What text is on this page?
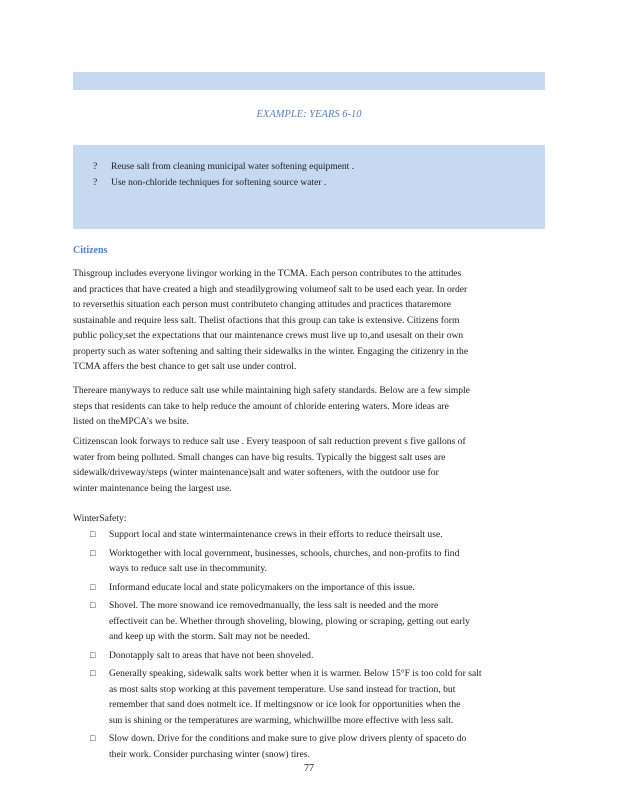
EXAMPLE: YEARS 6-10
? Reuse salt from cleaning municipal water softening equipment .
? Use non-chloride techniques for softening source water .
Citizens
Thisgroup includes everyone livingor working in the TCMA. Each person contributes to the attitudes
and practices that have created a high and steadilygrowing volumeof salt to be used each year. In order
to reversethis situation each person must contributeto changing attitudes and practices thataremore
sustainable and require less salt. Thelist ofactions that this group can take is extensive. Citizens form
public policy,set the expectations that our maintenance crews must live up to,and usesalt on their own
property such as water softening and salting their sidewalks in the winter. Engaging the citizenry in the
TCMA affers the best chance to get salt use under control.
Thereare manyways to reduce salt use while maintaining high safety standards. Below are a few simple
steps that residents can take to help reduce the amount of chloride entering waters. More ideas are
listed on theMPCA's we bsite.
Citizenscan look forways to reduce salt use . Every teaspoon of salt reduction prevent s five gallons of
water from being polluted. Small changes can have big results. Typically the biggest salt uses are
sidewalk/driveway/steps (winter maintenance)salt and water softeners, with the outdoor use for
winter maintenance being the largest use.
WinterSafety:
□ Support local and state wintermaintenance crews in their efforts to reduce theirsalt use.
□ Worktogether with local government, businesses, schools, churches, and non-profits to find
ways to reduce salt use in thecommunity.
□ Informand educate local and state policymakers on the importance of this issue.
□ Shovel. The more snowand ice removedmanually, the less salt is needed and the more
effectiveit can be. Whether through shoveling, blowing, plowing or scraping, getting out early
and keep up with the storm. Salt may not be needed.
□ Donotapply salt to areas that have not been shoveled.
□ Generally speaking, sidewalk salts work better when it is warmer. Below 15°F is too cold for salt
as most salts stop working at this pavement temperature. Use sand instead for traction, but
remember that sand does notmelt ice. If meltingsnow or ice look for opportunities when the
sun is shining or the temperatures are warming, whichwillbe more effective with less salt.
□ Slow down. Drive for the conditions and make sure to give plow drivers plenty of spaceto do
their work. Consider purchasing winter (snow) tires.
77
